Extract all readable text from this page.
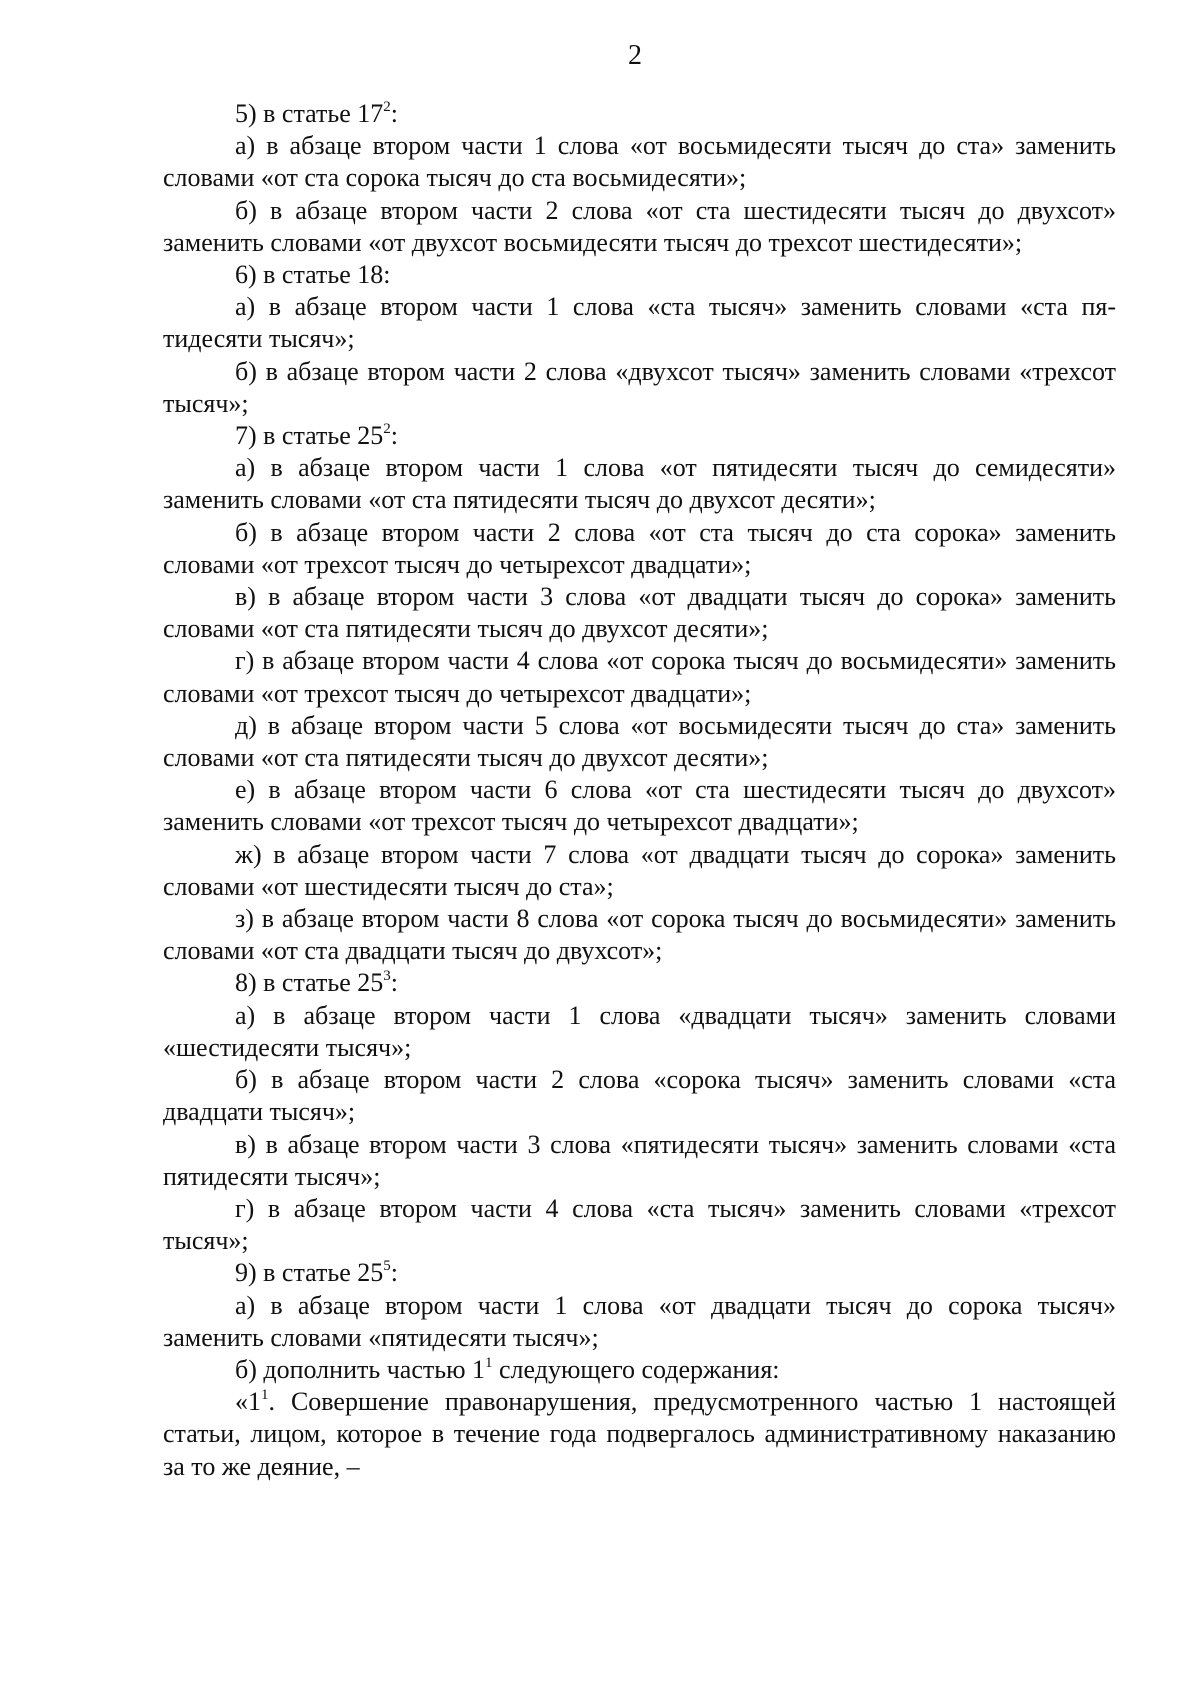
2

5) в статье $17^2$:

а) в абзаце втором части 1 слова «от восьмидесяти тысяч до ста» заменить словами «от ста сорока тысяч до ста восьмидесяти»;

б) в абзаце втором части 2 слова «от ста шестидесяти тысяч до двухсот» заменить словами «от двухсот восьмидесяти тысяч до трехсот шестидесяти»;

6) в статье 18:

а) в абзаце втором части 1 слова «ста тысяч» заменить словами «ста пятидесяти тысяч»;

б) в абзаце втором части 2 слова «двухсот тысяч» заменить словами «трехсот тысяч»;

7) в статье $25^2$:

а) в абзаце втором части 1 слова «от пятидесяти тысяч до семидесяти» заменить словами «от ста пятидесяти тысяч до двухсот десяти»;

б) в абзаце втором части 2 слова «от ста тысяч до ста сорока» заменить словами «от трехсот тысяч до четырехсот двадцати»;

в) в абзаце втором части 3 слова «от двадцати тысяч до сорока» заменить словами «от ста пятидесяти тысяч до двухсот десяти»;

г) в абзаце втором части 4 слова «от сорока тысяч до восьмидесяти» заменить словами «от трехсот тысяч до четырехсот двадцати»;

д) в абзаце втором части 5 слова «от восьмидесяти тысяч до ста» заменить словами «от ста пятидесяти тысяч до двухсот десяти»;

е) в абзаце втором части 6 слова «от ста шестидесяти тысяч до двухсот» заменить словами «от трехсот тысяч до четырехсот двадцати»;

ж) в абзаце втором части 7 слова «от двадцати тысяч до сорока» заменить словами «от шестидесяти тысяч до ста»;

з) в абзаце втором части 8 слова «от сорока тысяч до восьмидесяти» заменить словами «от ста двадцати тысяч до двухсот»;

8) в статье $25^3$:

а) в абзаце втором части 1 слова «двадцати тысяч» заменить словами «шестидесяти тысяч»;

б) в абзаце втором части 2 слова «сорока тысяч» заменить словами «ста двадцати тысяч»;

в) в абзаце втором части 3 слова «пятидесяти тысяч» заменить словами «ста пятидесяти тысяч»;

г) в абзаце втором части 4 слова «ста тысяч» заменить словами «трехсот тысяч»;

9) в статье $25^5$:

а) в абзаце втором части 1 слова «от двадцати тысяч до сорока тысяч» заменить словами «пятидесяти тысяч»;

б) дополнить частью $1^1$ следующего содержания:

«$1^1$. Совершение правонарушения, предусмотренного частью 1 настоящей статьи, лицом, которое в течение года подвергалось административному наказанию за то же деяние, –
